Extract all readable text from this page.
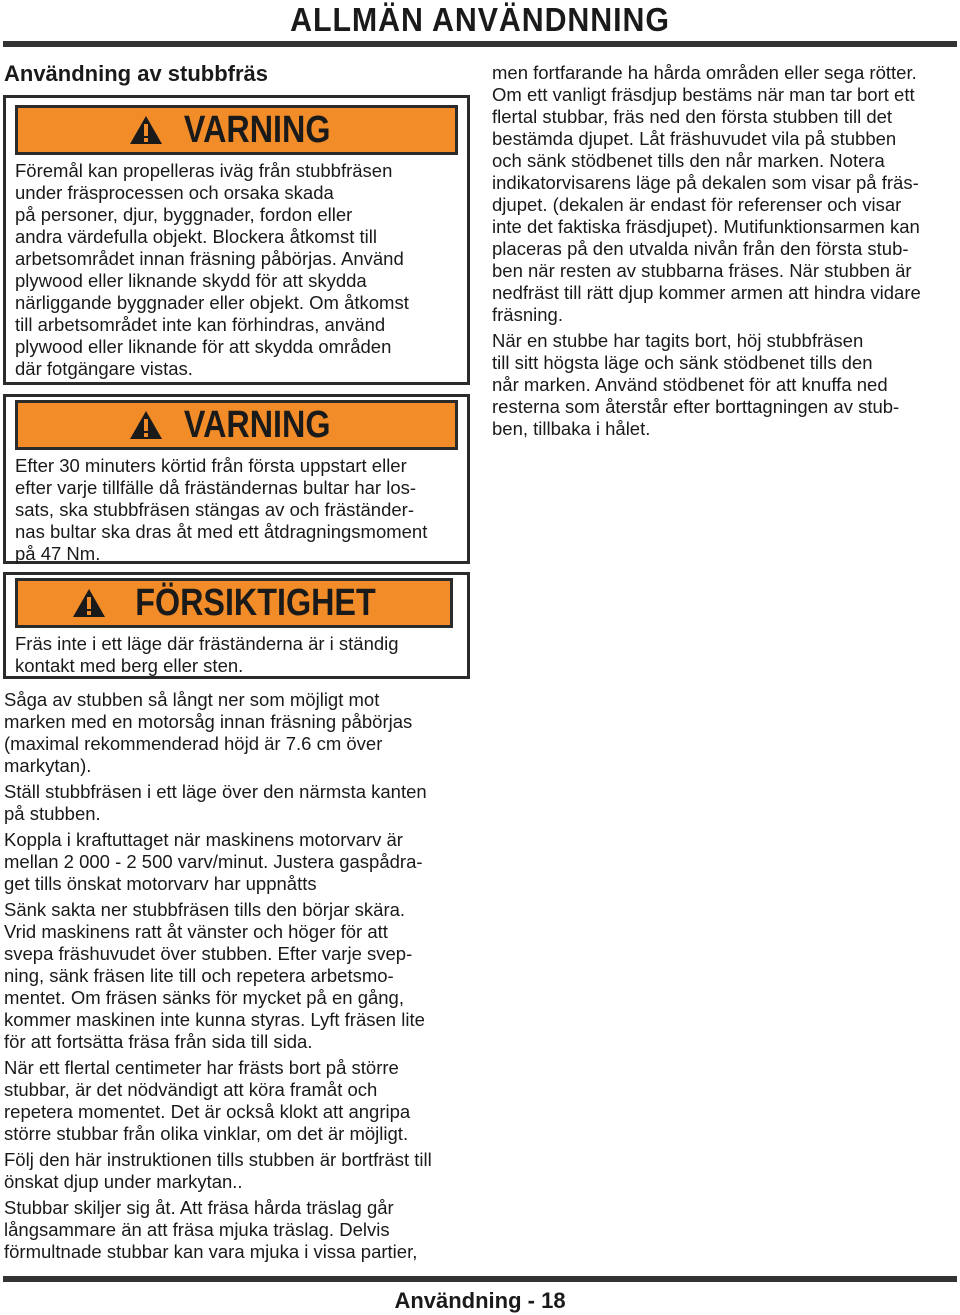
ALLMÄN ANVÄNDNNING
Användning av stubbfräs
VARNING
Föremål kan propelleras iväg från stubbfräsen
under fräsprocessen och orsaka skada
på personer, djur, byggnader, fordon eller
andra värdefulla objekt. Blockera åtkomst till
arbetsområdet innan fräsning påbörjas. Använd
plywood eller liknande skydd för att skydda
närliggande byggnader eller objekt. Om åtkomst
till arbetsområdet inte kan förhindras, använd
plywood eller liknande för att skydda områden
där fotgängare vistas.
VARNING
Efter 30 minuters körtid från första uppstart eller
efter varje tillfälle då fräständernas bultar har los-
sats, ska stubbfräsen stängas av och fräständer-
nas bultar ska dras åt med ett åtdragningsmoment
på 47 Nm.
FÖRSIKTIGHET
Fräs inte i ett läge där fräständerna är i ständig
kontakt med berg eller sten.
Såga av stubben så långt ner som möjligt mot
marken med en motorsåg innan fräsning påbörjas
(maximal rekommenderad höjd är 7.6 cm över
markytan).
Ställ stubbfräsen i ett läge över den närmsta kanten
på stubben.
Koppla i kraftuttaget när maskinens motorvarv är
mellan 2 000 - 2 500 varv/minut. Justera gaspådra-
get tills önskat motorvarv har uppnåtts
Sänk sakta ner stubbfräsen tills den börjar skära.
Vrid maskinens ratt åt vänster och höger för att
svepa fräshuvudet över stubben. Efter varje svep-
ning, sänk fräsen lite till och repetera arbetsmo-
mentet. Om fräsen sänks för mycket på en gång,
kommer maskinen inte kunna styras. Lyft fräsen lite
för att fortsätta fräsa från sida till sida.
När ett flertal centimeter har frästs bort på större
stubbar, är det nödvändigt att köra framåt och
repetera momentet. Det är också klokt att angripa
större stubbar från olika vinklar, om det är möjligt.
Följ den här instruktionen tills stubben är bortfräst till
önskat djup under markytan..
Stubbar skiljer sig åt. Att fräsa hårda träslag går
långsammare än att fräsa mjuka träslag. Delvis
förmultnade stubbar kan vara mjuka i vissa partier,
men fortfarande ha hårda områden eller sega rötter.
Om ett vanligt fräsdjup bestäms när man tar bort ett
flertal stubbar, fräs ned den första stubben till det
bestämda djupet. Låt fräshuvudet vila på stubben
och sänk stödbenet tills den når marken. Notera
indikatorvisarens läge på dekalen som visar på fräs-
djupet. (dekalen är endast för referenser och visar
inte det faktiska fräsdjupet). Mutifunktionsarmen kan
placeras på den utvalda nivån från den första stub-
ben när resten av stubbarna fräses. När stubben är
nedfräst till rätt djup kommer armen att hindra vidare
fräsning.
När en stubbe har tagits bort, höj stubbfräsen
till sitt högsta läge och sänk stödbenet tills den
når marken. Använd stödbenet för att knuffa ned
resterna som återstår efter borttagningen av stub-
ben, tillbaka i hålet.
Användning - 18
